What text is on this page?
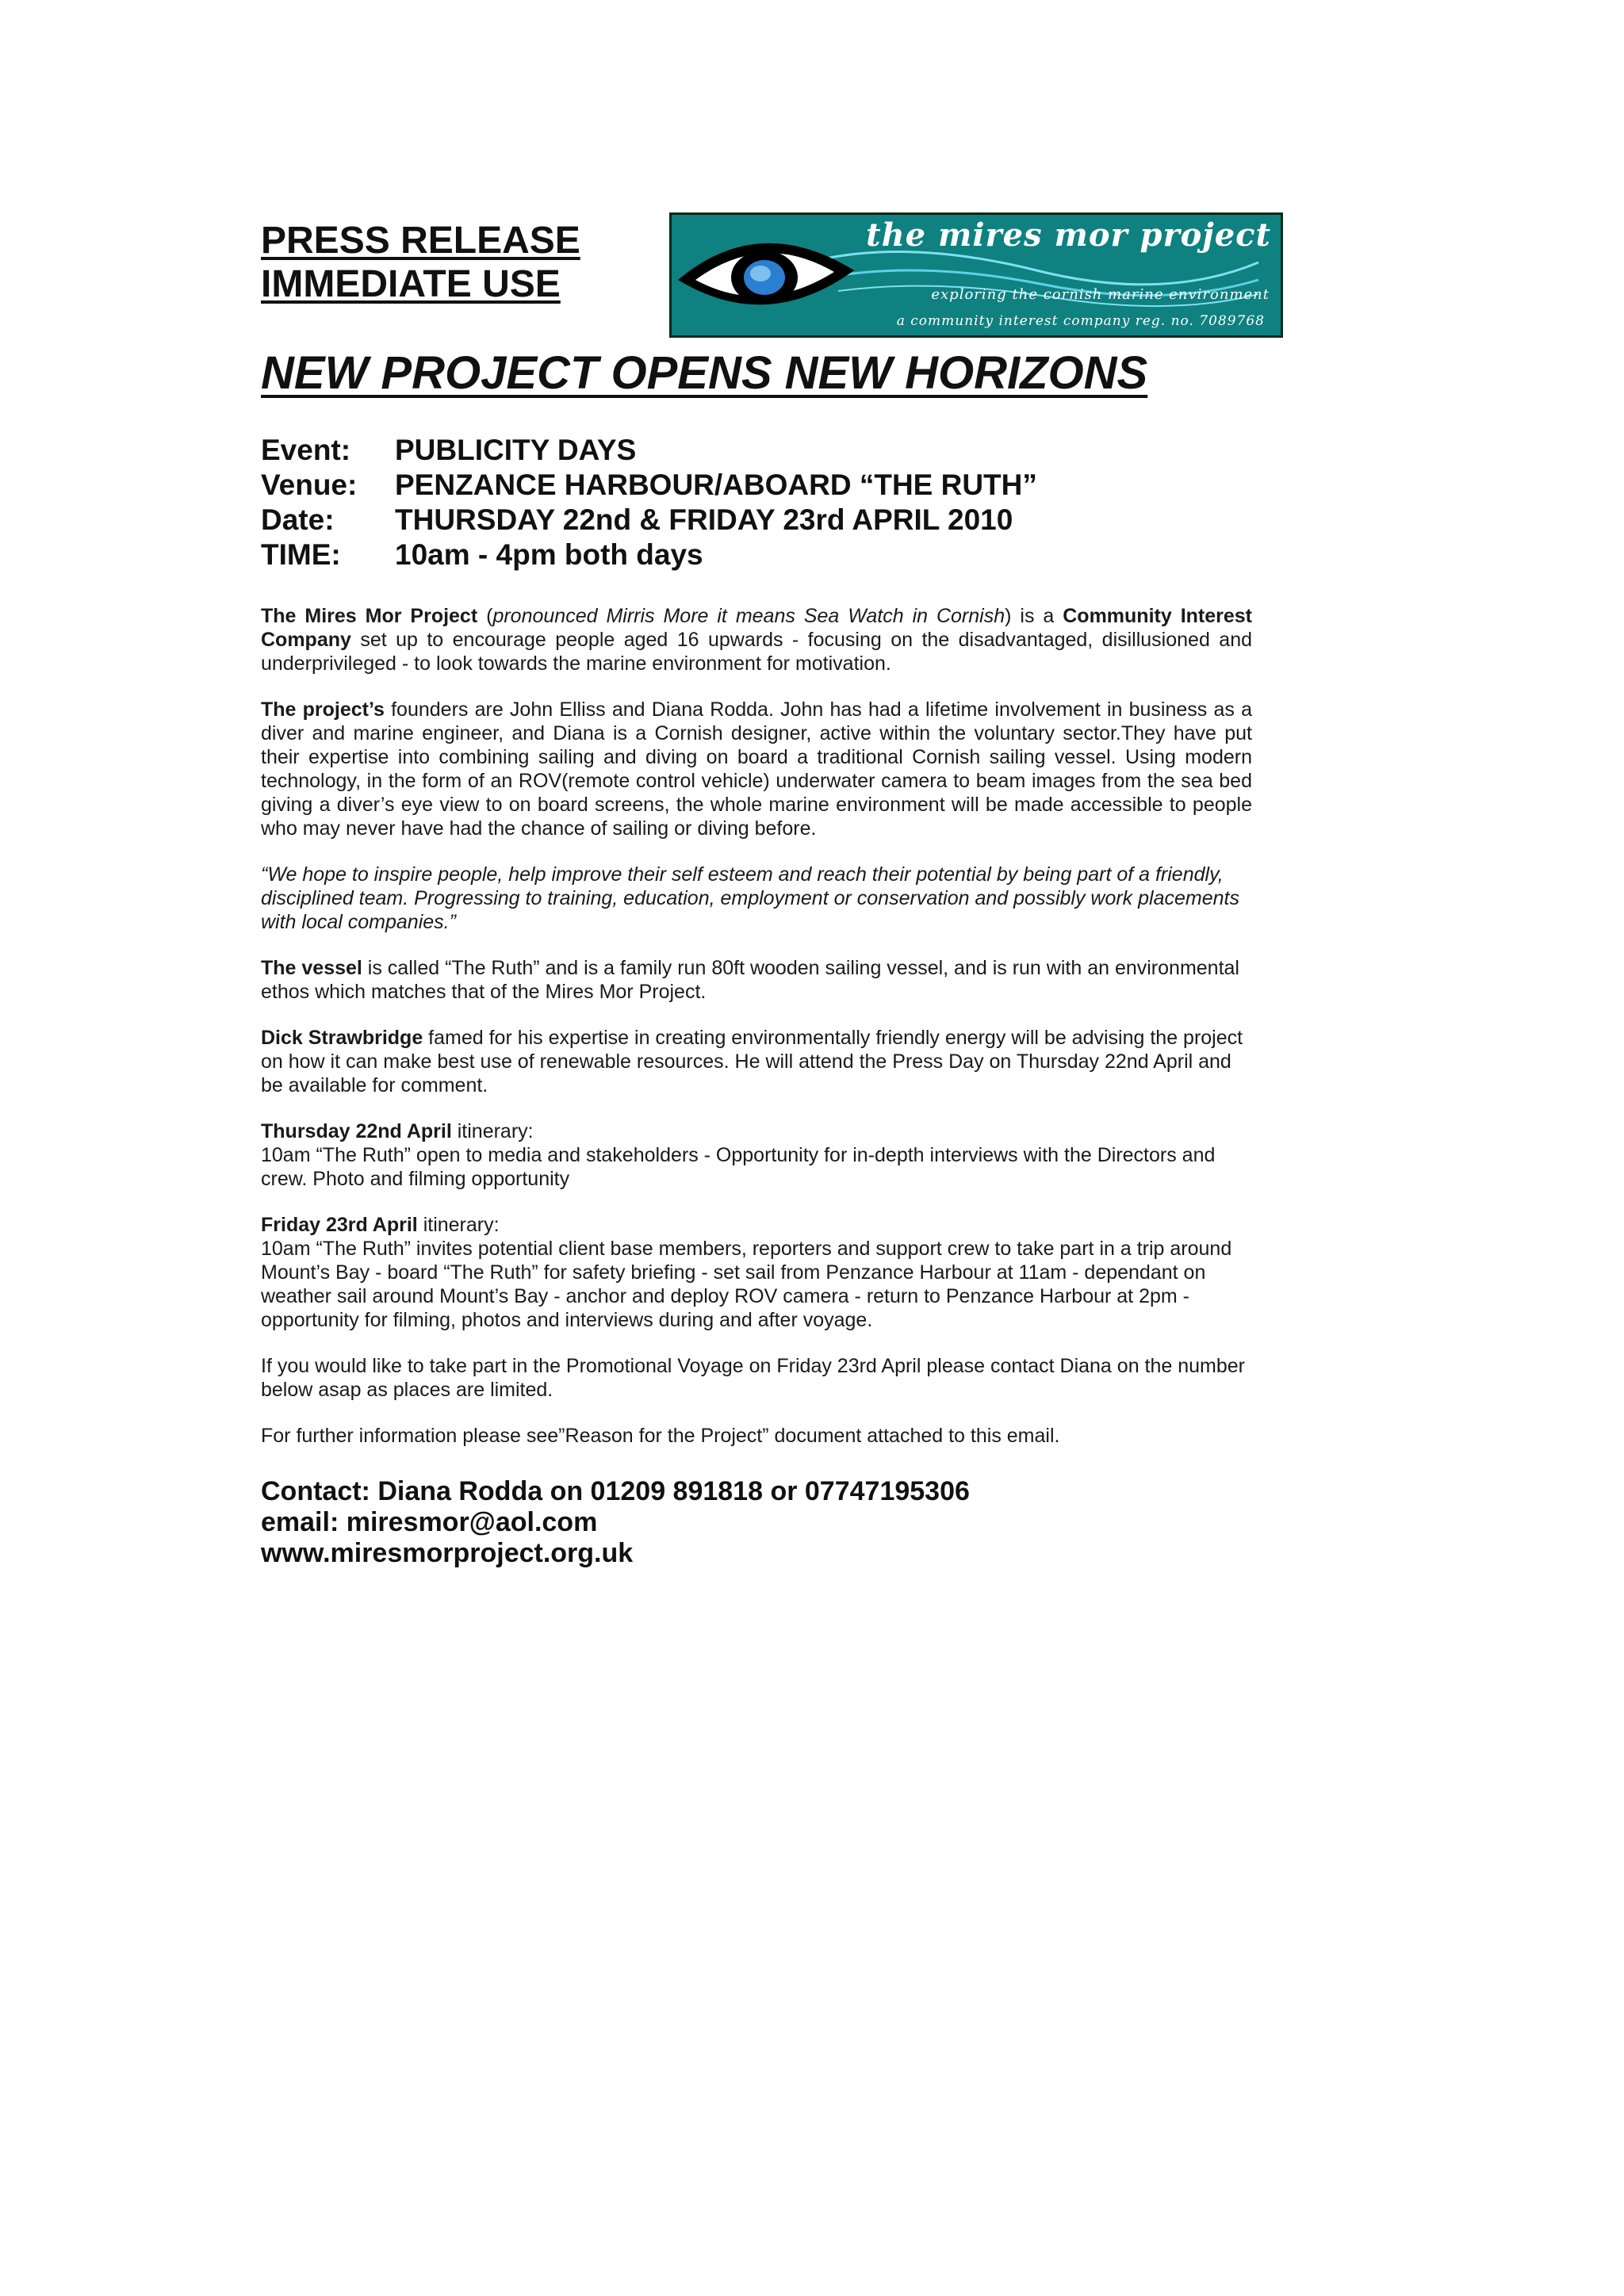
PRESS RELEASE
IMMEDIATE USE
the mires mor project
exploring the cornish marine environment
a community interest company reg. no. 7089768
NEW PROJECT OPENS NEW HORIZONS
Event:	PUBLICITY DAYS
Venue:	PENZANCE HARBOUR/ABOARD “THE RUTH”
Date:	THURSDAY 22nd & FRIDAY 23rd APRIL 2010
TIME:	10am - 4pm both days

The Mires Mor Project (pronounced Mirris More it means Sea Watch in Cornish) is a Community Interest Company set up to encourage people aged 16 upwards - focusing on the disadvantaged, disillusioned and underprivileged - to look towards the marine environment for motivation.

The project’s founders are John Elliss and Diana Rodda. John has had a lifetime involvement in business as a diver and marine engineer, and Diana is a Cornish designer, active within the voluntary sector.They have put their expertise into combining sailing and diving on board a traditional Cornish sailing vessel. Using modern technology, in the form of an ROV(remote control vehicle) underwater camera to beam images from the sea bed giving a diver’s eye view to on board screens, the whole marine environment will be made accessible to people who may never have had the chance of sailing or diving before.

“We hope to inspire people, help improve their self esteem and reach their potential by being part of a friendly, disciplined team. Progressing to training, education, employment or conservation and possibly work placements with local companies.”

The vessel is called “The Ruth” and is a family run 80ft wooden sailing vessel, and is run with an environmental ethos which matches that of the Mires Mor Project.

Dick Strawbridge famed for his expertise in creating environmentally friendly energy will be advising the project on how it can make best use of renewable resources. He will attend the Press Day on Thursday 22nd April and be available for comment.

Thursday 22nd April itinerary:
10am “The Ruth” open to media and stakeholders - Opportunity for in-depth interviews with the Directors and crew. Photo and filming opportunity

Friday 23rd April itinerary:
10am “The Ruth” invites potential client base members, reporters and support crew to take part in a trip around Mount’s Bay - board “The Ruth” for safety briefing - set sail from Penzance Harbour at 11am - dependant on weather sail around Mount’s Bay - anchor and deploy ROV camera - return to Penzance Harbour at 2pm - opportunity for filming, photos and interviews during and after voyage.

If you would like to take part in the Promotional Voyage on Friday 23rd April please contact Diana on the number below asap as places are limited.

For further information please see”Reason for the Project” document attached to this email.

Contact: Diana Rodda on 01209 891818 or 07747195306
email: miresmor@aol.com
www.miresmorproject.org.uk
